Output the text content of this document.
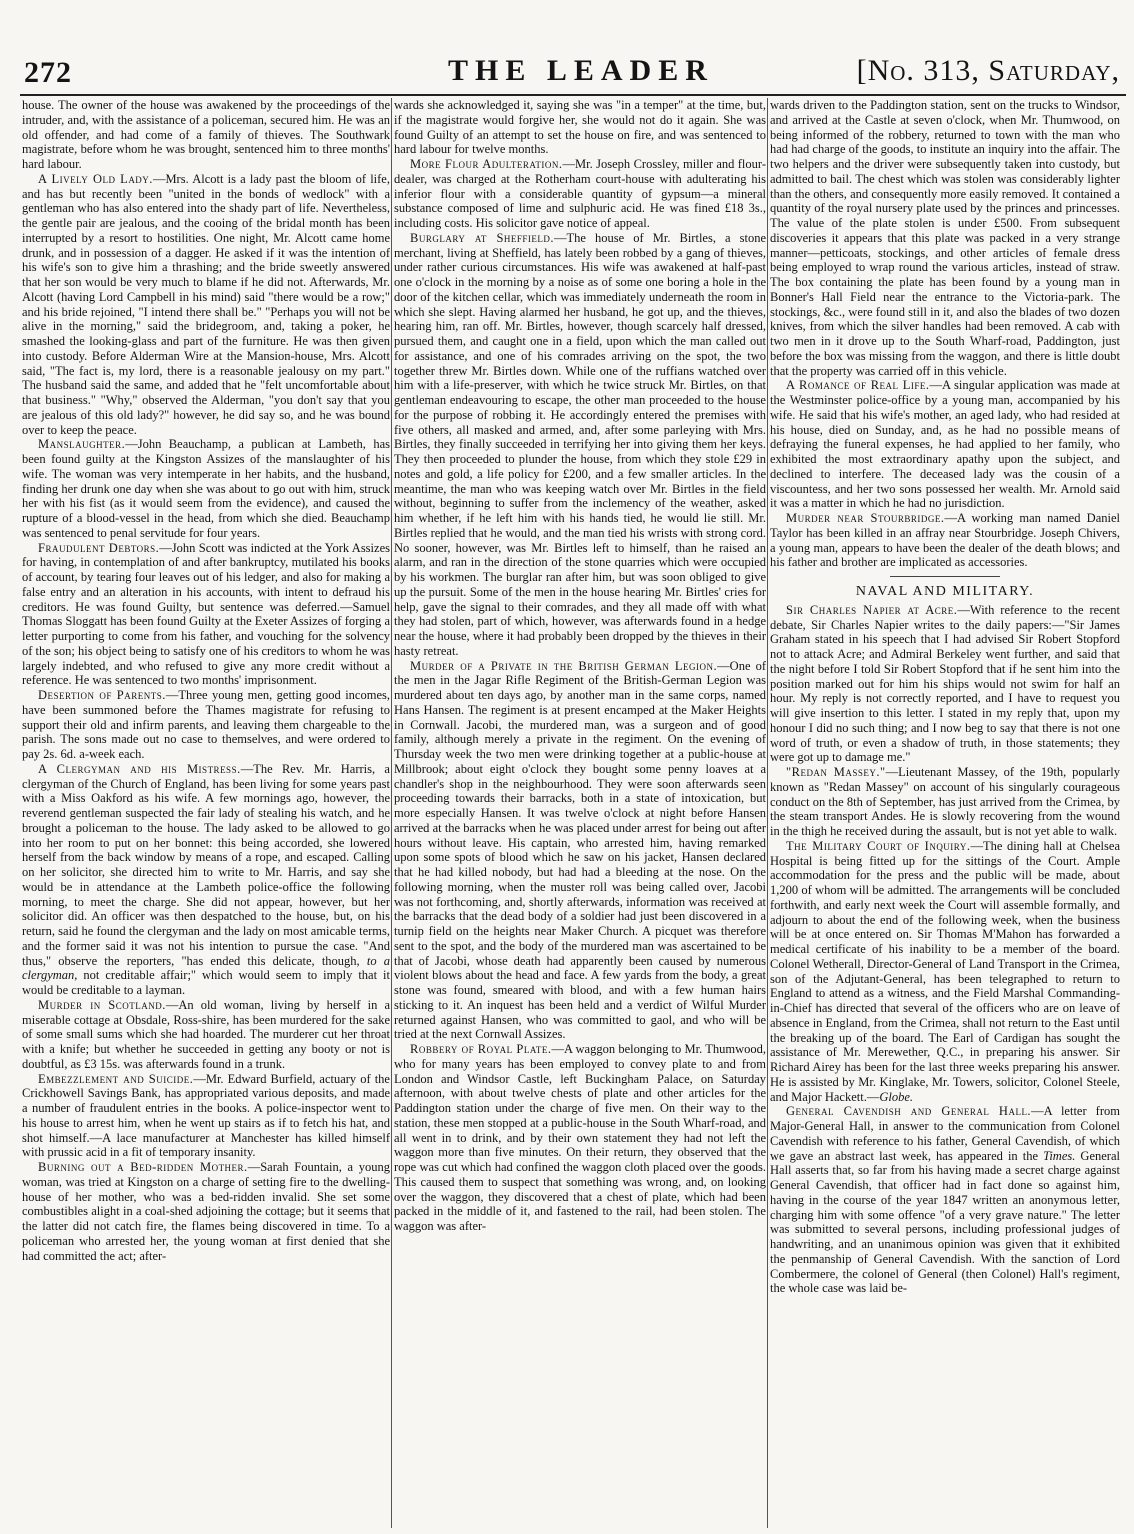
272	THE LEADER	[No. 313, Saturday,

house. The owner of the house was awakened by the proceedings of the intruder, and, with the assistance of a policeman, secured him. He was an old offender, and had come of a family of thieves. The Southwark magistrate, before whom he was brought, sentenced him to three months' hard labour.

A Lively Old Lady.—Mrs. Alcott is a lady past the bloom of life, and has but recently been "united in the bonds of wedlock" with a gentleman who has also entered into the shady part of life. Nevertheless, the gentle pair are jealous, and the cooing of the bridal month has been interrupted by a resort to hostilities. One night, Mr. Alcott came home drunk, and in possession of a dagger. He asked if it was the intention of his wife's son to give him a thrashing; and the bride sweetly answered that her son would be very much to blame if he did not. Afterwards, Mr. Alcott (having Lord Campbell in his mind) said "there would be a row;" and his bride rejoined, "I intend there shall be." "Perhaps you will not be alive in the morning," said the bridegroom, and, taking a poker, he smashed the looking-glass and part of the furniture. He was then given into custody. Before Alderman Wire at the Mansion-house, Mrs. Alcott said, "The fact is, my lord, there is a reasonable jealousy on my part." The husband said the same, and added that he "felt uncomfortable about that business." "Why," observed the Alderman, "you don't say that you are jealous of this old lady?" however, he did say so, and he was bound over to keep the peace.

Manslaughter.—John Beauchamp, a publican at Lambeth, has been found guilty at the Kingston Assizes of the manslaughter of his wife. The woman was very intemperate in her habits, and the husband, finding her drunk one day when she was about to go out with him, struck her with his fist (as it would seem from the evidence), and caused the rupture of a blood-vessel in the head, from which she died. Beauchamp was sentenced to penal servitude for four years.

Fraudulent Debtors.—John Scott was indicted at the York Assizes for having, in contemplation of and after bankruptcy, mutilated his books of account, by tearing four leaves out of his ledger, and also for making a false entry and an alteration in his accounts, with intent to defraud his creditors. He was found Guilty, but sentence was deferred.—Samuel Thomas Sloggatt has been found Guilty at the Exeter Assizes of forging a letter purporting to come from his father, and vouching for the solvency of the son; his object being to satisfy one of his creditors to whom he was largely indebted, and who refused to give any more credit without a reference. He was sentenced to two months' imprisonment.

Desertion of Parents.—Three young men, getting good incomes, have been summoned before the Thames magistrate for refusing to support their old and infirm parents, and leaving them chargeable to the parish. The sons made out no case to themselves, and were ordered to pay 2s. 6d. a-week each.

A Clergyman and his Mistress.—The Rev. Mr. Harris, a clergyman of the Church of England, has been living for some years past with a Miss Oakford as his wife. A few mornings ago, however, the reverend gentleman suspected the fair lady of stealing his watch, and he brought a policeman to the house. The lady asked to be allowed to go into her room to put on her bonnet: this being accorded, she lowered herself from the back window by means of a rope, and escaped. Calling on her solicitor, she directed him to write to Mr. Harris, and say she would be in attendance at the Lambeth police-office the following morning, to meet the charge. She did not appear, however, but her solicitor did. An officer was then despatched to the house, but, on his return, said he found the clergyman and the lady on most amicable terms, and the former said it was not his intention to pursue the case. "And thus," observe the reporters, "has ended this delicate, though, to a clergyman, not creditable affair;" which would seem to imply that it would be creditable to a layman.

Murder in Scotland.—An old woman, living by herself in a miserable cottage at Obsdale, Ross-shire, has been murdered for the sake of some small sums which she had hoarded. The murderer cut her throat with a knife; but whether he succeeded in getting any booty or not is doubtful, as £3 15s. was afterwards found in a trunk.

Embezzlement and Suicide.—Mr. Edward Burfield, actuary of the Crickhowell Savings Bank, has appropriated various deposits, and made a number of fraudulent entries in the books. A police-inspector went to his house to arrest him, when he went up stairs as if to fetch his hat, and shot himself.—A lace manufacturer at Manchester has killed himself with prussic acid in a fit of temporary insanity.

Burning out a Bed-ridden Mother.—Sarah Fountain, a young woman, was tried at Kingston on a charge of setting fire to the dwelling-house of her mother, who was a bed-ridden invalid. She set some combustibles alight in a coal-shed adjoining the cottage; but it seems that the latter did not catch fire, the flames being discovered in time. To a policeman who arrested her, the young woman at first denied that she had committed the act; after-

wards she acknowledged it, saying she was "in a temper" at the time, but, if the magistrate would forgive her, she would not do it again. She was found Guilty of an attempt to set the house on fire, and was sentenced to hard labour for twelve months.

More Flour Adulteration.—Mr. Joseph Crossley, miller and flour-dealer, was charged at the Rotherham court-house with adulterating his inferior flour with a considerable quantity of gypsum—a mineral substance composed of lime and sulphuric acid. He was fined £18 3s., including costs. His solicitor gave notice of appeal.

Burglary at Sheffield.—The house of Mr. Birtles, a stone merchant, living at Sheffield, has lately been robbed by a gang of thieves, under rather curious circumstances. His wife was awakened at half-past one o'clock in the morning by a noise as of some one boring a hole in the door of the kitchen cellar, which was immediately underneath the room in which she slept. Having alarmed her husband, he got up, and the thieves, hearing him, ran off. Mr. Birtles, however, though scarcely half dressed, pursued them, and caught one in a field, upon which the man called out for assistance, and one of his comrades arriving on the spot, the two together threw Mr. Birtles down. While one of the ruffians watched over him with a life-preserver, with which he twice struck Mr. Birtles, on that gentleman endeavouring to escape, the other man proceeded to the house for the purpose of robbing it. He accordingly entered the premises with five others, all masked and armed, and, after some parleying with Mrs. Birtles, they finally succeeded in terrifying her into giving them her keys. They then proceeded to plunder the house, from which they stole £29 in notes and gold, a life policy for £200, and a few smaller articles. In the meantime, the man who was keeping watch over Mr. Birtles in the field without, beginning to suffer from the inclemency of the weather, asked him whether, if he left him with his hands tied, he would lie still. Mr. Birtles replied that he would, and the man tied his wrists with strong cord. No sooner, however, was Mr. Birtles left to himself, than he raised an alarm, and ran in the direction of the stone quarries which were occupied by his workmen. The burglar ran after him, but was soon obliged to give up the pursuit. Some of the men in the house hearing Mr. Birtles' cries for help, gave the signal to their comrades, and they all made off with what they had stolen, part of which, however, was afterwards found in a hedge near the house, where it had probably been dropped by the thieves in their hasty retreat.

Murder of a Private in the British German Legion.—One of the men in the Jagar Rifle Regiment of the British-German Legion was murdered about ten days ago, by another man in the same corps, named Hans Hansen. The regiment is at present encamped at the Maker Heights in Cornwall. Jacobi, the murdered man, was a surgeon and of good family, although merely a private in the regiment. On the evening of Thursday week the two men were drinking together at a public-house at Millbrook; about eight o'clock they bought some penny loaves at a chandler's shop in the neighbourhood. They were soon afterwards seen proceeding towards their barracks, both in a state of intoxication, but more especially Hansen. It was twelve o'clock at night before Hansen arrived at the barracks when he was placed under arrest for being out after hours without leave. His captain, who arrested him, having remarked upon some spots of blood which he saw on his jacket, Hansen declared that he had killed nobody, but had had a bleeding at the nose. On the following morning, when the muster roll was being called over, Jacobi was not forthcoming, and, shortly afterwards, information was received at the barracks that the dead body of a soldier had just been discovered in a turnip field on the heights near Maker Church. A picquet was therefore sent to the spot, and the body of the murdered man was ascertained to be that of Jacobi, whose death had apparently been caused by numerous violent blows about the head and face. A few yards from the body, a great stone was found, smeared with blood, and with a few human hairs sticking to it. An inquest has been held and a verdict of Wilful Murder returned against Hansen, who was committed to gaol, and who will be tried at the next Cornwall Assizes.

Robbery of Royal Plate.—A waggon belonging to Mr. Thumwood, who for many years has been employed to convey plate to and from London and Windsor Castle, left Buckingham Palace, on Saturday afternoon, with about twelve chests of plate and other articles for the Paddington station under the charge of five men. On their way to the station, these men stopped at a public-house in the South Wharf-road, and all went in to drink, and by their own statement they had not left the waggon more than five minutes. On their return, they observed that the rope was cut which had confined the waggon cloth placed over the goods. This caused them to suspect that something was wrong, and, on looking over the waggon, they discovered that a chest of plate, which had been packed in the middle of it, and fastened to the rail, had been stolen. The waggon was after-

wards driven to the Paddington station, sent on the trucks to Windsor, and arrived at the Castle at seven o'clock, when Mr. Thumwood, on being informed of the robbery, returned to town with the man who had had charge of the goods, to institute an inquiry into the affair. The two helpers and the driver were subsequently taken into custody, but admitted to bail. The chest which was stolen was considerably lighter than the others, and consequently more easily removed. It contained a quantity of the royal nursery plate used by the princes and princesses. The value of the plate stolen is under £500. From subsequent discoveries it appears that this plate was packed in a very strange manner—petticoats, stockings, and other articles of female dress being employed to wrap round the various articles, instead of straw. The box containing the plate has been found by a young man in Bonner's Hall Field near the entrance to the Victoria-park. The stockings, &c., were found still in it, and also the blades of two dozen knives, from which the silver handles had been removed. A cab with two men in it drove up to the South Wharf-road, Paddington, just before the box was missing from the waggon, and there is little doubt that the property was carried off in this vehicle.

A Romance of Real Life.—A singular application was made at the Westminster police-office by a young man, accompanied by his wife. He said that his wife's mother, an aged lady, who had resided at his house, died on Sunday, and, as he had no possible means of defraying the funeral expenses, he had applied to her family, who exhibited the most extraordinary apathy upon the subject, and declined to interfere. The deceased lady was the cousin of a viscountess, and her two sons possessed her wealth. Mr. Arnold said it was a matter in which he had no jurisdiction.

Murder near Stourbridge.—A working man named Daniel Taylor has been killed in an affray near Stourbridge. Joseph Chivers, a young man, appears to have been the dealer of the death blows; and his father and brother are implicated as accessories.

NAVAL AND MILITARY.

Sir Charles Napier at Acre.—With reference to the recent debate, Sir Charles Napier writes to the daily papers:—"Sir James Graham stated in his speech that I had advised Sir Robert Stopford not to attack Acre; and Admiral Berkeley went further, and said that the night before I told Sir Robert Stopford that if he sent him into the position marked out for him his ships would not swim for half an hour. My reply is not correctly reported, and I have to request you will give insertion to this letter. I stated in my reply that, upon my honour I did no such thing; and I now beg to say that there is not one word of truth, or even a shadow of truth, in those statements; they were got up to damage me."

"Redan Massey."—Lieutenant Massey, of the 19th, popularly known as "Redan Massey" on account of his singularly courageous conduct on the 8th of September, has just arrived from the Crimea, by the steam transport Andes. He is slowly recovering from the wound in the thigh he received during the assault, but is not yet able to walk.

The Military Court of Inquiry.—The dining hall at Chelsea Hospital is being fitted up for the sittings of the Court. Ample accommodation for the press and the public will be made, about 1,200 of whom will be admitted. The arrangements will be concluded forthwith, and early next week the Court will assemble formally, and adjourn to about the end of the following week, when the business will be at once entered on. Sir Thomas M'Mahon has forwarded a medical certificate of his inability to be a member of the board. Colonel Wetherall, Director-General of Land Transport in the Crimea, son of the Adjutant-General, has been telegraphed to return to England to attend as a witness, and the Field Marshal Commanding-in-Chief has directed that several of the officers who are on leave of absence in England, from the Crimea, shall not return to the East until the breaking up of the board. The Earl of Cardigan has sought the assistance of Mr. Merewether, Q.C., in preparing his answer. Sir Richard Airey has been for the last three weeks preparing his answer. He is assisted by Mr. Kinglake, Mr. Towers, solicitor, Colonel Steele, and Major Hackett.—Globe.

General Cavendish and General Hall.—A letter from Major-General Hall, in answer to the communication from Colonel Cavendish with reference to his father, General Cavendish, of which we gave an abstract last week, has appeared in the Times. General Hall asserts that, so far from his having made a secret charge against General Cavendish, that officer had in fact done so against him, having in the course of the year 1847 written an anonymous letter, charging him with some offence "of a very grave nature." The letter was submitted to several persons, including professional judges of handwriting, and an unanimous opinion was given that it exhibited the penmanship of General Cavendish. With the sanction of Lord Combermere, the colonel of General (then Colonel) Hall's regiment, the whole case was laid be-
